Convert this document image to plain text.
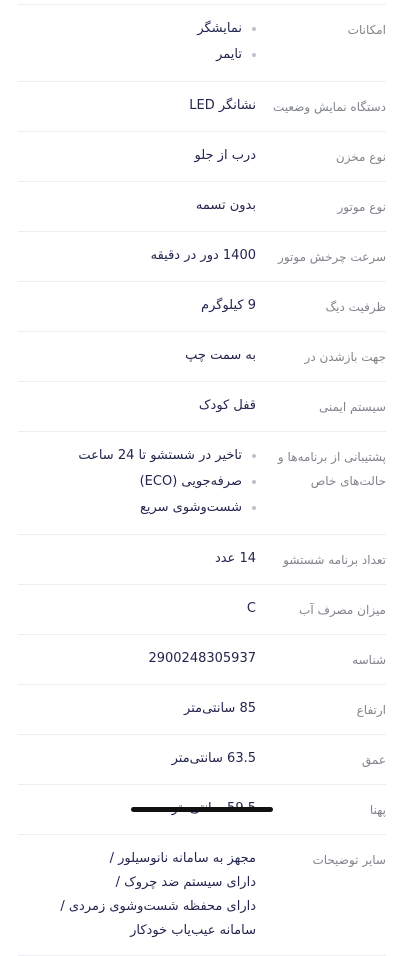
امکانات
نمایشگر
تایمر
دستگاه نمایش وضعیت
نشانگر LED
نوع مخزن
درب از جلو
نوع موتور
بدون تسمه
سرعت چرخش موتور
1400 دور در دقیقه
ظرفیت دیگ
9 کیلوگرم
جهت بازشدن در
به سمت چپ
سیستم ایمنی
قفل کودک
پشتیبانی از برنامه‌ها و حالت‌های خاص
تاخیر در شستشو تا 24 ساعت
صرفه‌جویی (ECO)
شست‌وشوی سریع
تعداد برنامه شستشو
14 عدد
میزان مصرف آب
C
شناسه
2900248305937
ارتفاع
85 سانتی‌متر
عمق
63.5 سانتی‌متر
پهنا
سایر توضیحات
مجهز به سامانه نانوسیلور /
دارای سیستم ضد چروک /
دارای محفظه شست‌وشوی زمردی /
سامانه عیب‌یاب خودکار
